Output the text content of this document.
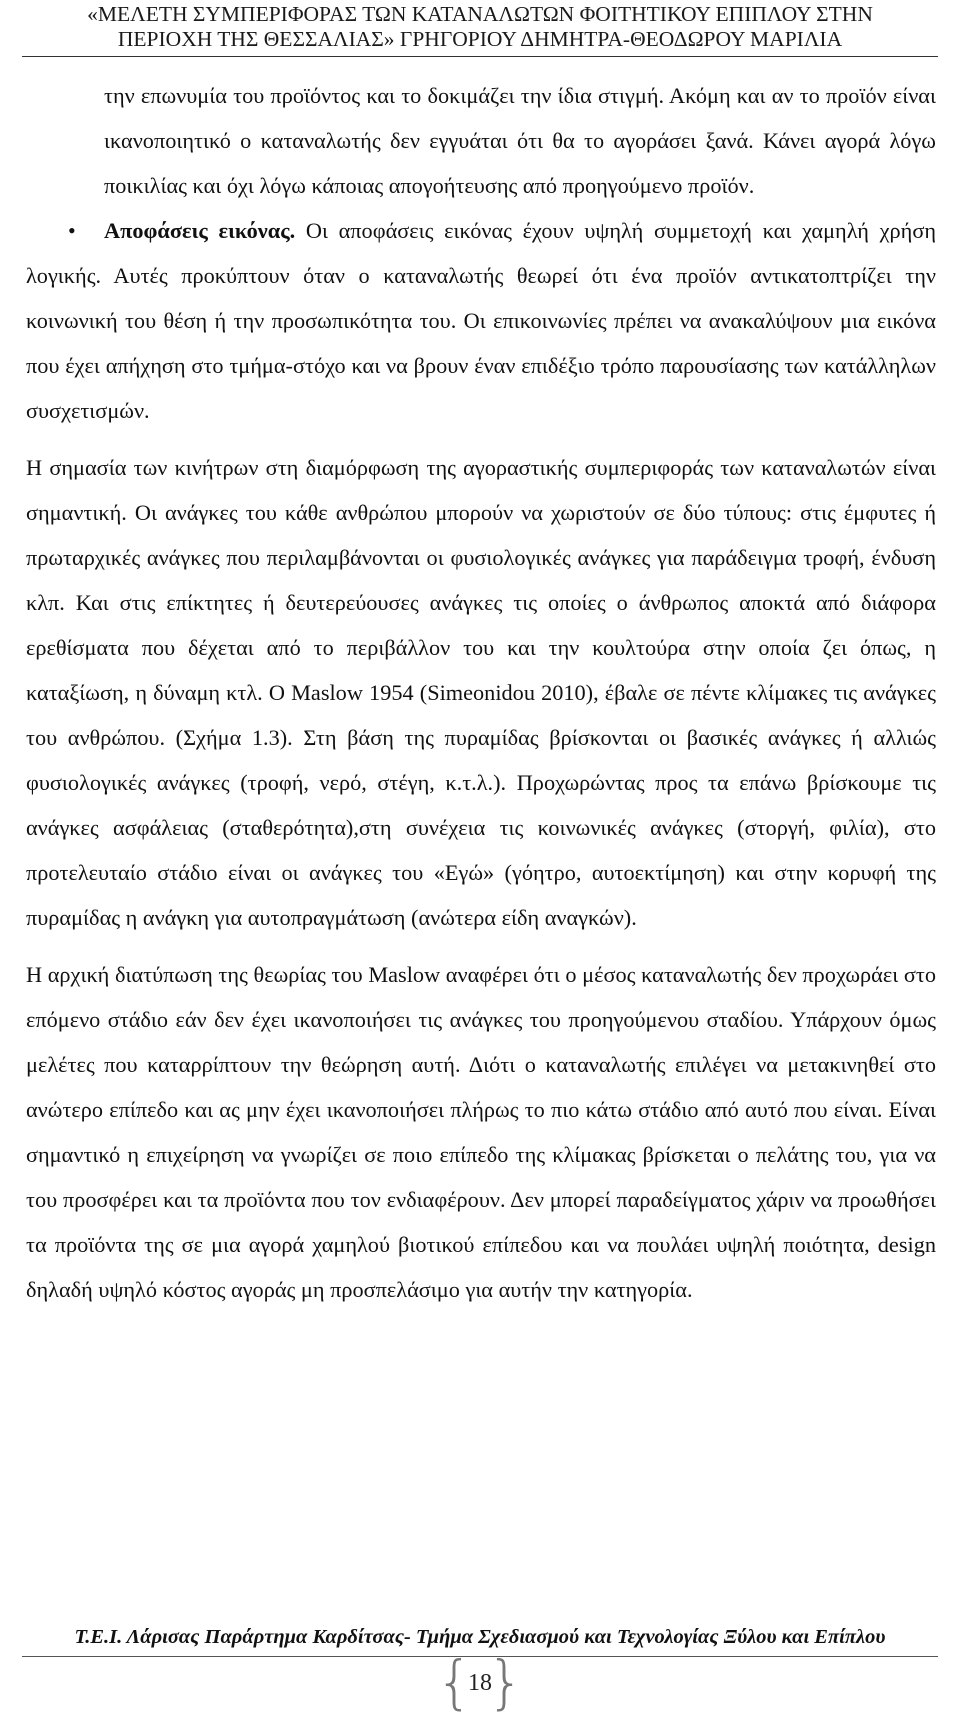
«ΜΕΛΕΤΗ ΣΥΜΠΕΡΙΦΟΡΑΣ ΤΩΝ ΚΑΤΑΝΑΛΩΤΩΝ ΦΟΙΤΗΤΙΚΟΥ ΕΠΙΠΛΟΥ ΣΤΗΝ
ΠΕΡΙΟΧΗ ΤΗΣ ΘΕΣΣΑΛΙΑΣ» ΓΡΗΓΟΡΙΟΥ ΔΗΜΗΤΡΑ-ΘΕΟΔΩΡΟΥ ΜΑΡΙΛΙΑ

την επωνυμία του προϊόντος και το δοκιμάζει την ίδια στιγμή. Ακόμη και αν το προϊόν είναι ικανοποιητικό ο καταναλωτής δεν εγγυάται ότι θα το αγοράσει ξανά. Κάνει αγορά λόγω ποικιλίας και όχι λόγω κάποιας απογοήτευσης από προηγούμενο προϊόν.

• Αποφάσεις εικόνας. Οι αποφάσεις εικόνας έχουν υψηλή συμμετοχή και χαμηλή χρήση λογικής. Αυτές προκύπτουν όταν ο καταναλωτής θεωρεί ότι ένα προϊόν αντικατοπτρίζει την κοινωνική του θέση ή την προσωπικότητα του. Οι επικοινωνίες πρέπει να ανακαλύψουν μια εικόνα που έχει απήχηση στο τμήμα-στόχο και να βρουν έναν επιδέξιο τρόπο παρουσίασης των κατάλληλων συσχετισμών.

Η σημασία των κινήτρων στη διαμόρφωση της αγοραστικής συμπεριφοράς των καταναλωτών είναι σημαντική. Οι ανάγκες του κάθε ανθρώπου μπορούν να χωριστούν σε δύο τύπους: στις έμφυτες ή πρωταρχικές ανάγκες που περιλαμβάνονται οι φυσιολογικές ανάγκες για παράδειγμα τροφή, ένδυση κλπ. Και στις επίκτητες ή δευτερεύουσες ανάγκες τις οποίες ο άνθρωπος αποκτά από διάφορα ερεθίσματα που δέχεται από το περιβάλλον του και την κουλτούρα στην οποία ζει όπως, η καταξίωση, η δύναμη κτλ. Ο Maslow 1954 (Simeonidou 2010), έβαλε σε πέντε κλίμακες τις ανάγκες του ανθρώπου. (Σχήμα 1.3). Στη βάση της πυραμίδας βρίσκονται οι βασικές ανάγκες ή αλλιώς φυσιολογικές ανάγκες (τροφή, νερό, στέγη, κ.τ.λ.). Προχωρώντας προς τα επάνω βρίσκουμε τις ανάγκες ασφάλειας (σταθερότητα),στη συνέχεια τις κοινωνικές ανάγκες (στοργή, φιλία), στο προτελευταίο στάδιο είναι οι ανάγκες του «Εγώ» (γόητρο, αυτοεκτίμηση) και στην κορυφή της πυραμίδας η ανάγκη για αυτοπραγμάτωση (ανώτερα είδη αναγκών).

Η αρχική διατύπωση της θεωρίας του Maslow αναφέρει ότι ο μέσος καταναλωτής δεν προχωράει στο επόμενο στάδιο εάν δεν έχει ικανοποιήσει τις ανάγκες του προηγούμενου σταδίου. Υπάρχουν όμως μελέτες που καταρρίπτουν την θεώρηση αυτή. Διότι ο καταναλωτής επιλέγει να μετακινηθεί στο ανώτερο επίπεδο και ας μην έχει ικανοποιήσει πλήρως το πιο κάτω στάδιο από αυτό που είναι. Είναι σημαντικό η επιχείρηση να γνωρίζει σε ποιο επίπεδο της κλίμακας βρίσκεται ο πελάτης του, για να του προσφέρει και τα προϊόντα που τον ενδιαφέρουν. Δεν μπορεί παραδείγματος χάριν να προωθήσει τα προϊόντα της σε μια αγορά χαμηλού βιοτικού επίπεδου και να πουλάει υψηλή ποιότητα, design δηλαδή υψηλό κόστος αγοράς μη προσπελάσιμο για αυτήν την κατηγορία.

Τ.Ε.Ι. Λάρισας Παράρτημα Καρδίτσας- Τμήμα Σχεδιασμού και Τεχνολογίας Ξύλου και Επίπλου
{
18
}
